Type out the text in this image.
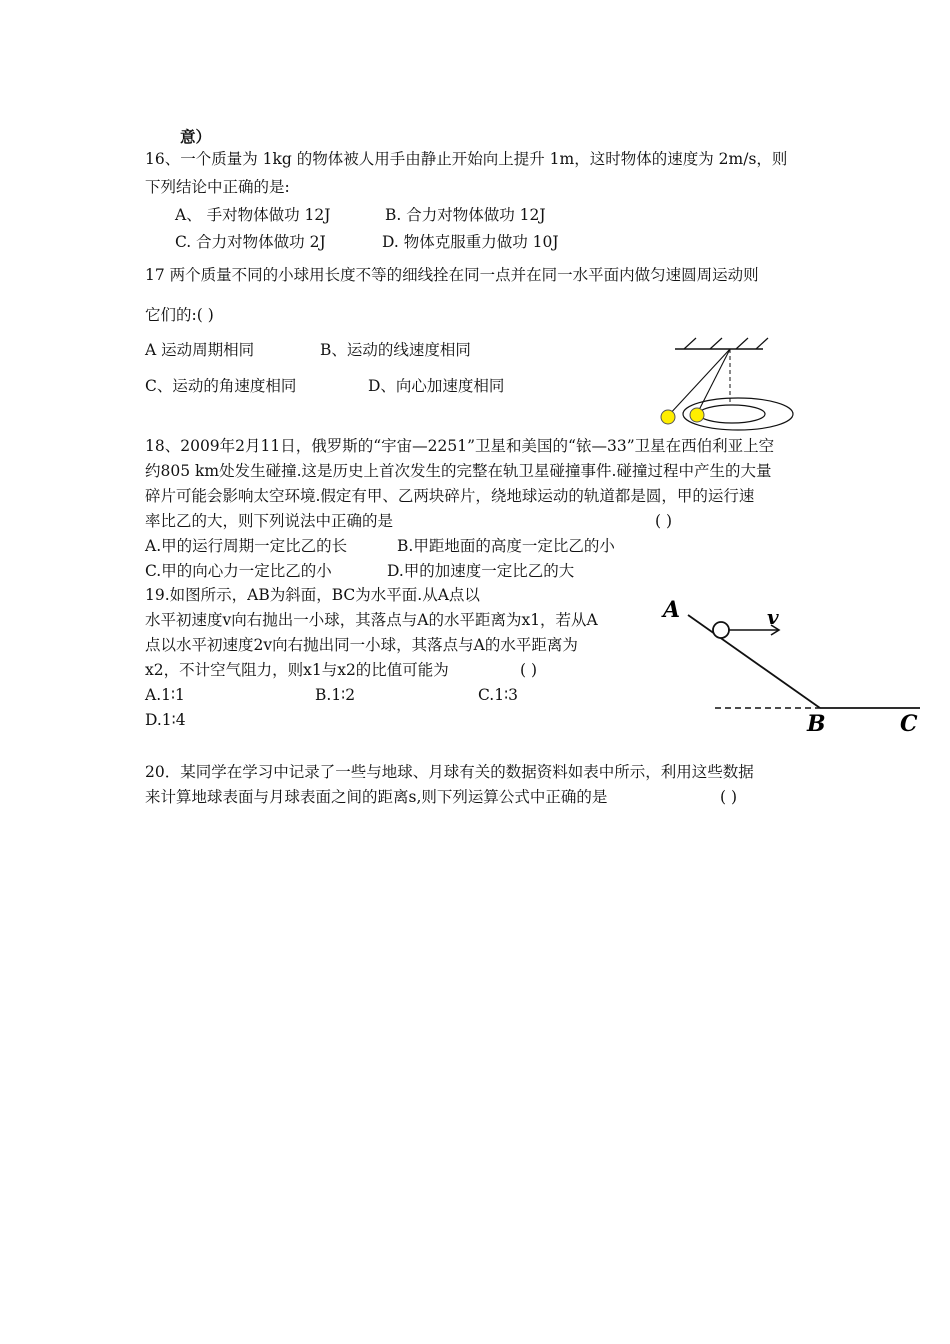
意）
16、一个质量为 1kg 的物体被人用手由静止开始向上提升 1m，这时物体的速度为 2m/s，则
下列结论中正确的是:
A、 手对物体做功 12J	B. 合力对物体做功 12J
C. 合力对物体做功 2J	D. 物体克服重力做功 10J
17 两个质量不同的小球用长度不等的细线拴在同一点并在同一水平面内做匀速圆周运动则
它们的:( )
A 运动周期相同	B、运动的线速度相同
C、运动的角速度相同	D、向心加速度相同
18、2009年2月11日，俄罗斯的“宇宙—2251”卫星和美国的“铱—33”卫星在西伯利亚上空
约805 km处发生碰撞.这是历史上首次发生的完整在轨卫星碰撞事件.碰撞过程中产生的大量
碎片可能会影响太空环境.假定有甲、乙两块碎片，绕地球运动的轨道都是圆，甲的运行速
率比乙的大，则下列说法中正确的是	( )
A.甲的运行周期一定比乙的长	B.甲距地面的高度一定比乙的小
C.甲的向心力一定比乙的小	D.甲的加速度一定比乙的大
19.如图所示，AB为斜面，BC为水平面.从A点以
水平初速度v向右抛出一小球，其落点与A的水平距离为x1，若从A
点以水平初速度2v向右抛出同一小球，其落点与A的水平距离为
x2，不计空气阻力，则x1与x2的比值可能为	( )
A.1∶1	B.1∶2	C.1∶3
D.1∶4
A	v
B	C
20．某同学在学习中记录了一些与地球、月球有关的数据资料如表中所示，利用这些数据
来计算地球表面与月球表面之间的距离s,则下列运算公式中正确的是	( )
